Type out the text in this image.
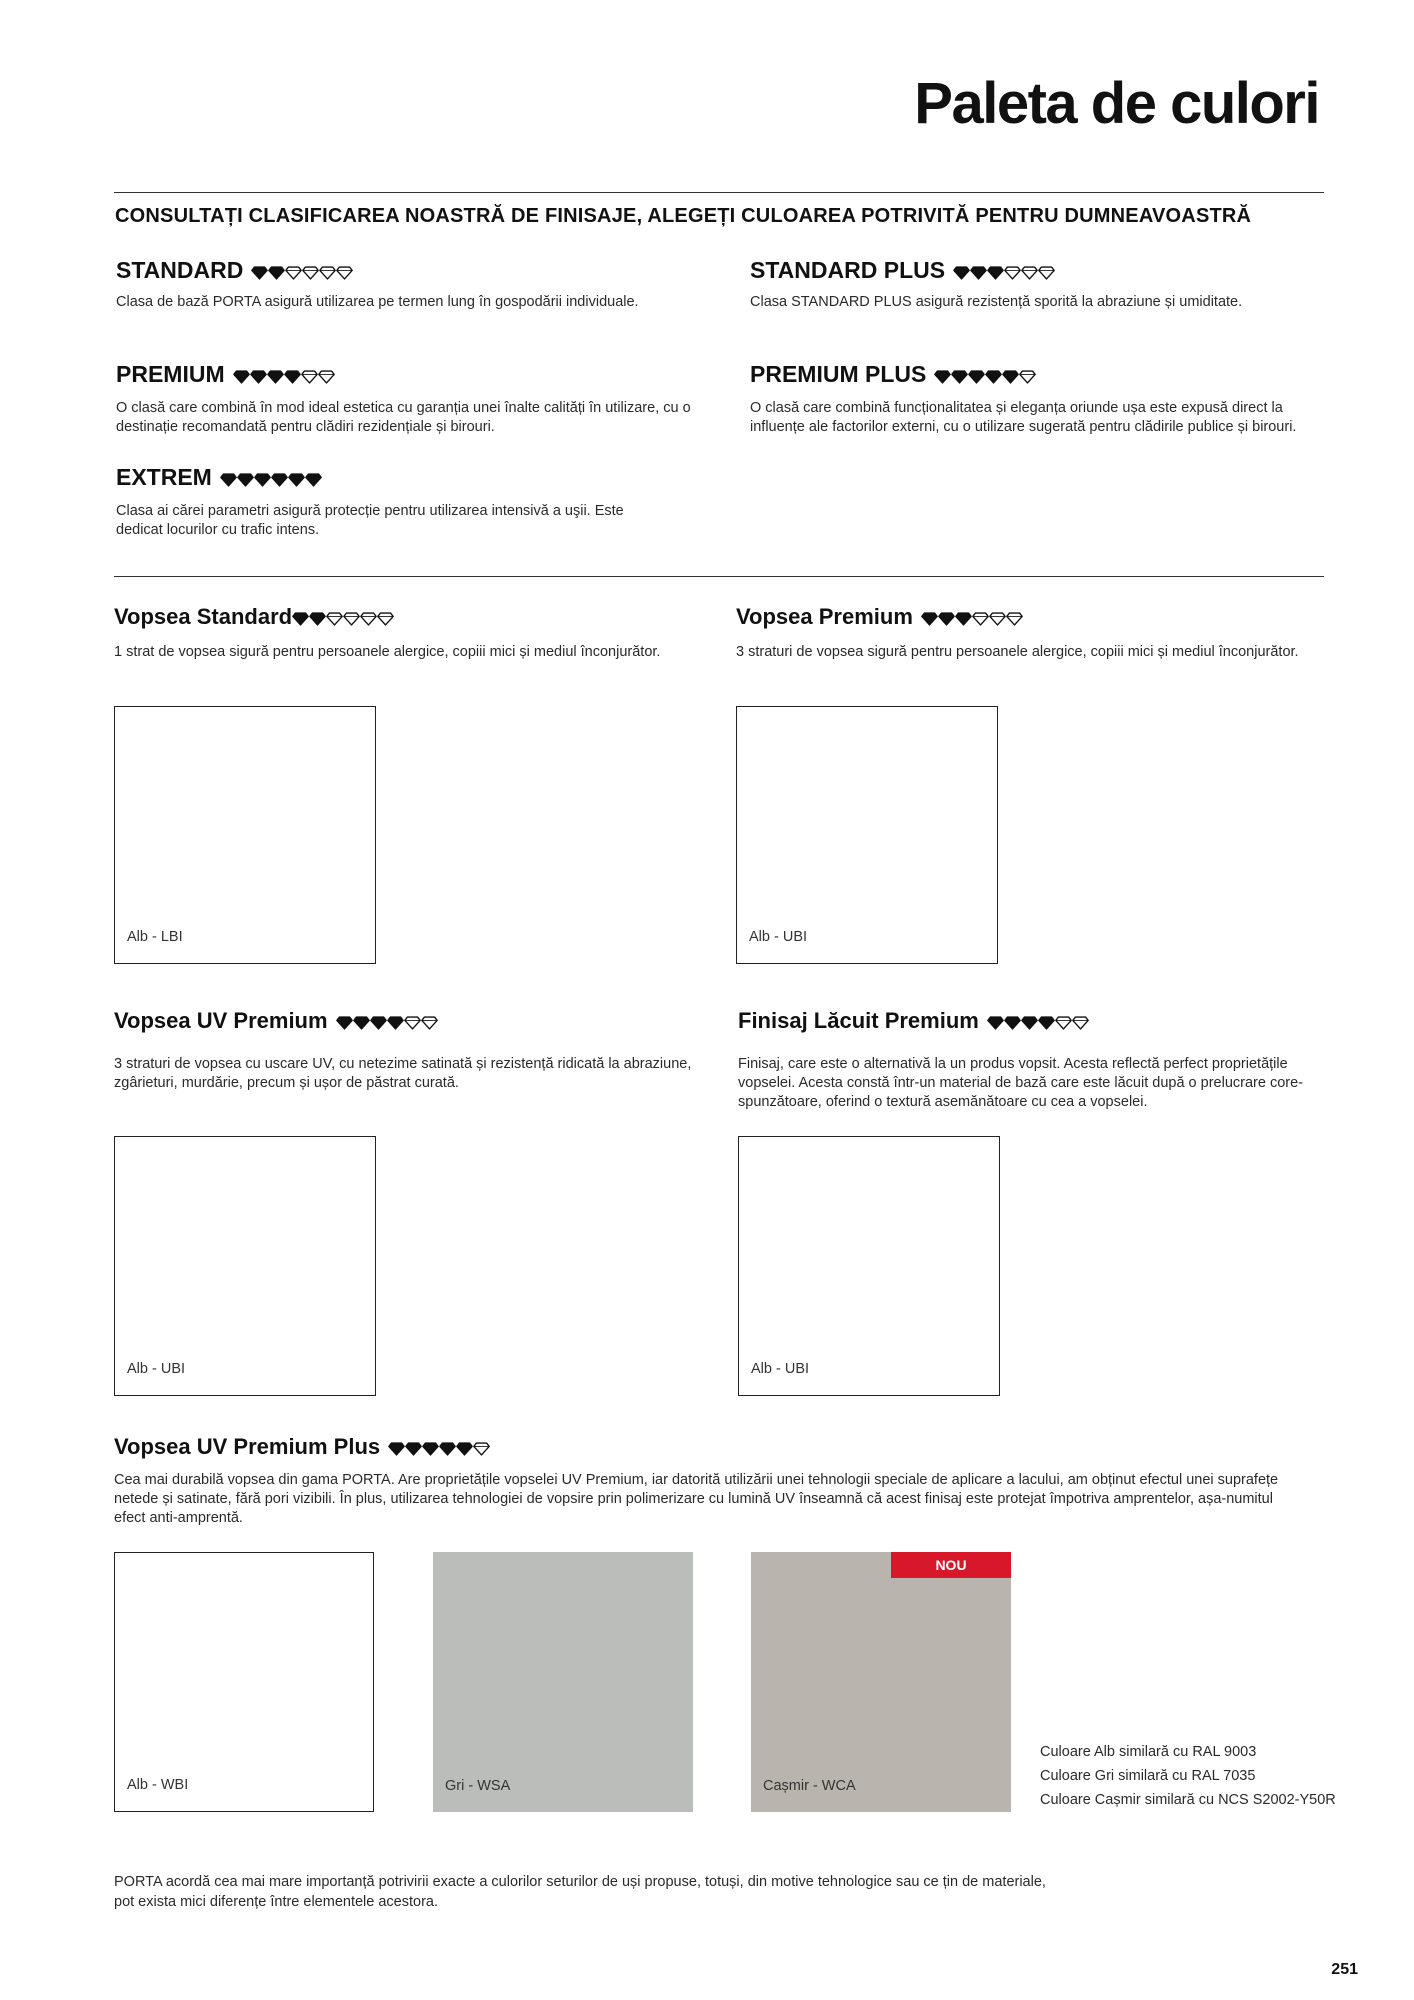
Paleta de culori
CONSULTAȚI CLASIFICAREA NOASTRĂ DE FINISAJE, ALEGEȚI CULOAREA POTRIVITĂ PENTRU DUMNEAVOASTRĂ
STANDARD
Clasa de bază PORTA asigură utilizarea pe termen lung în gospodării individuale.
STANDARD PLUS
Clasa STANDARD PLUS asigură rezistență sporită la abraziune și umiditate.
PREMIUM
O clasă care combină în mod ideal estetica cu garanția unei înalte calități în utilizare, cu o destinație recomandată pentru clădiri rezidențiale și birouri.
PREMIUM PLUS
O clasă care combină funcționalitatea și eleganța oriunde ușa este expusă direct la influențe ale factorilor externi, cu o utilizare sugerată pentru clădirile publice și birouri.
EXTREM
Clasa ai cărei parametri asigură protecție pentru utilizarea intensivă a uşii. Este dedicat locurilor cu trafic intens.
Vopsea Standard
1 strat de vopsea sigură pentru persoanele alergice, copiii mici și mediul înconjurător.
Alb - LBI
Vopsea Premium
3 straturi de vopsea sigură pentru persoanele alergice, copiii mici și mediul înconjurător.
Alb - UBI
Vopsea UV Premium
3 straturi de vopsea cu uscare UV, cu netezime satinată și rezistență ridicată la abraziune, zgârieturi, murdărie, precum și ușor de păstrat curată.
Alb - UBI
Finisaj Lăcuit Premium
Finisaj, care este o alternativă la un produs vopsit. Acesta reflectă perfect proprietățile vopselei. Acesta constă într-un material de bază care este lăcuit după o prelucrare core-spunzătoare, oferind o textură asemănătoare cu cea a vopselei.
Alb - UBI
Vopsea UV Premium Plus
Cea mai durabilă vopsea din gama PORTA. Are proprietățile vopselei UV Premium, iar datorită utilizării unei tehnologii speciale de aplicare a lacului, am obținut efectul unei suprafețe netede și satinate, fără pori vizibili. În plus, utilizarea tehnologiei de vopsire prin polimerizare cu lumină UV înseamnă că acest finisaj este protejat împotriva amprentelor, așa-numitul efect anti-amprentă.
Alb - WBI	Gri - WSA
NOU
Cașmir - WCA
Culoare Alb similară cu RAL 9003
Culoare Gri similară cu RAL 7035
Culoare Cașmir similară cu NCS S2002-Y50R
PORTA acordă cea mai mare importanță potrivirii exacte a culorilor seturilor de uși propuse, totuși, din motive tehnologice sau ce țin de materiale, pot exista mici diferențe între elementele acestora.
251
